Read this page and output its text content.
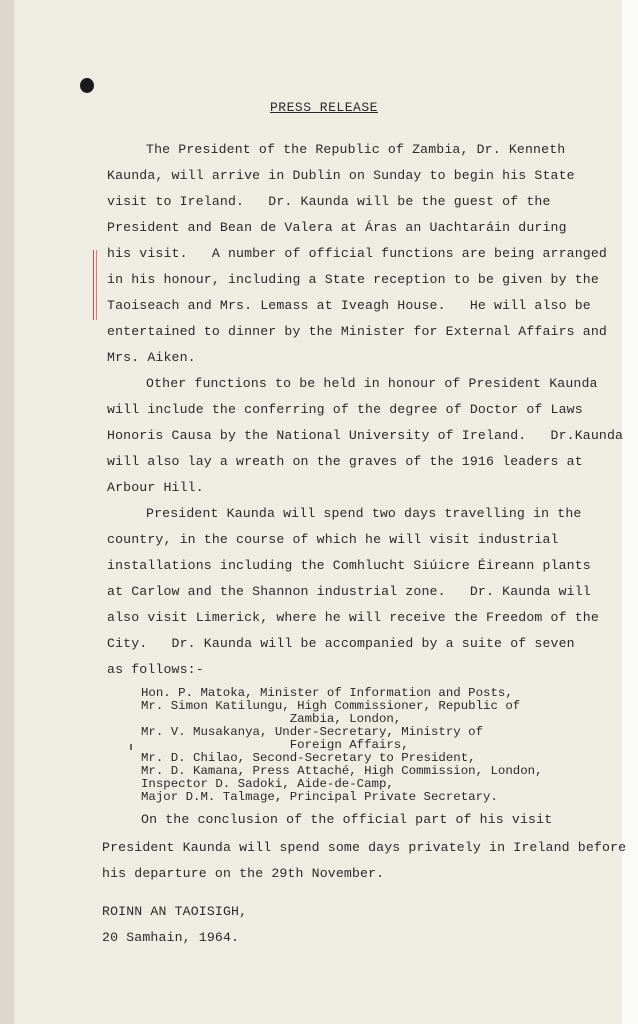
PRESS RELEASE
The President of the Republic of Zambia, Dr. Kenneth
Kaunda, will arrive in Dublin on Sunday to begin his State
visit to Ireland.   Dr. Kaunda will be the guest of the
President and Bean de Valera at Áras an Uachtaráin during
his visit.   A number of official functions are being arranged
in his honour, including a State reception to be given by the
Taoiseach and Mrs. Lemass at Iveagh House.   He will also be
entertained to dinner by the Minister for External Affairs and
Mrs. Aiken.
Other functions to be held in honour of President Kaunda
will include the conferring of the degree of Doctor of Laws
Honoris Causa by the National University of Ireland.   Dr.Kaunda
will also lay a wreath on the graves of the 1916 leaders at
Arbour Hill.
President Kaunda will spend two days travelling in the
country, in the course of which he will visit industrial
installations including the Comhlucht Siúicre Éireann plants
at Carlow and the Shannon industrial zone.   Dr. Kaunda will
also visit Limerick, where he will receive the Freedom of the
City.   Dr. Kaunda will be accompanied by a suite of seven
as follows:-
Hon. P. Matoka, Minister of Information and Posts,
Mr. Simon Katilungu, High Commissioner, Republic of
Zambia, London,
Mr. V. Musakanya, Under-Secretary, Ministry of
Foreign Affairs,
Mr. D. Chilao, Second-Secretary to President,
Mr. D. Kamana, Press Attaché, High Commission, London,
Inspector D. Sadoki, Aide-de-Camp,
Major D.M. Talmage, Principal Private Secretary.
On the conclusion of the official part of his visit
President Kaunda will spend some days privately in Ireland before
his departure on the 29th November.
ROINN AN TAOISIGH,
20 Samhain, 1964.
